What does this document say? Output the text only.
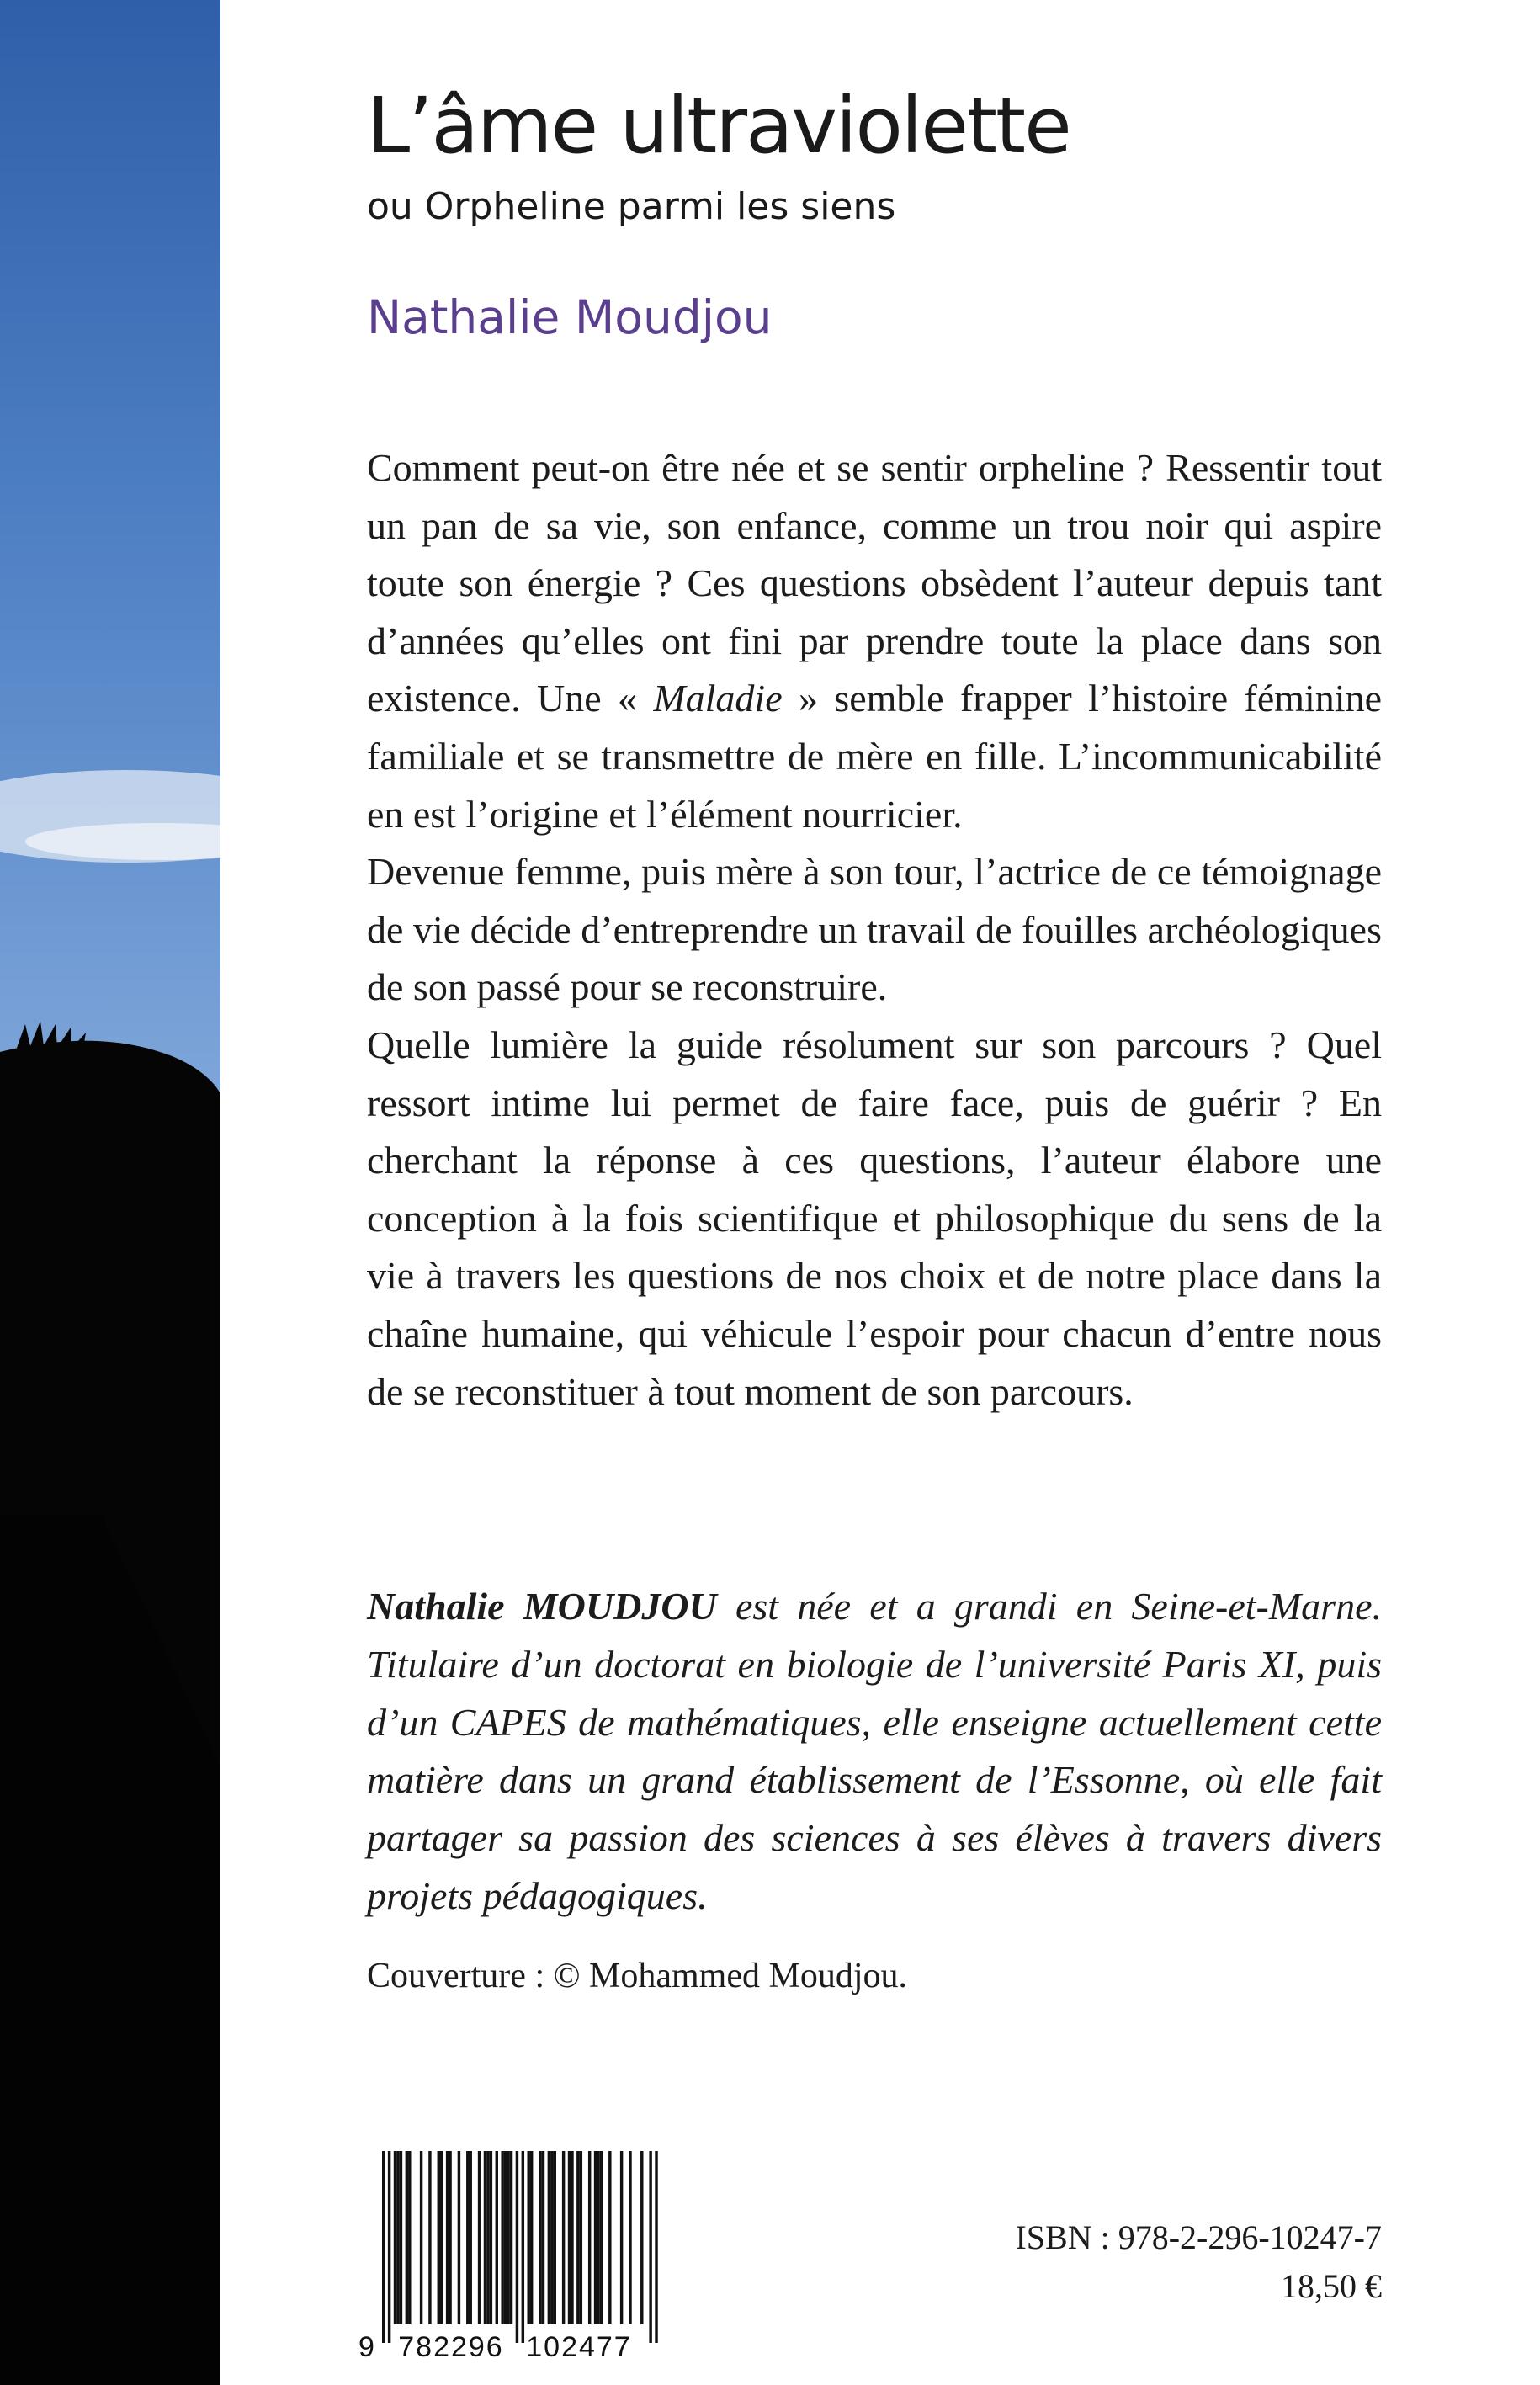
L’âme ultraviolette
ou Orpheline parmi les siens
Nathalie Moudjou

Comment peut-on être née et se sentir orpheline ? Ressentir tout un pan de sa vie, son enfance, comme un trou noir qui aspire toute son énergie ? Ces questions obsèdent l’auteur depuis tant d’années qu’elles ont fini par prendre toute la place dans son existence. Une « Maladie » semble frapper l’histoire féminine familiale et se transmettre de mère en fille. L’incommunicabilité en est l’origine et l’élément nourricier.

Devenue femme, puis mère à son tour, l’actrice de ce témoignage de vie décide d’entreprendre un travail de fouilles archéologiques de son passé pour se reconstruire.

Quelle lumière la guide résolument sur son parcours ? Quel ressort intime lui permet de faire face, puis de guérir ? En cherchant la réponse à ces questions, l’auteur élabore une conception à la fois scientifique et philosophique du sens de la vie à travers les questions de nos choix et de notre place dans la chaîne humaine, qui véhicule l’espoir pour chacun d’entre nous de se reconstituer à tout moment de son parcours.

Nathalie MOUDJOU est née et a grandi en Seine-et-Marne. Titulaire d’un doctorat en biologie de l’université Paris XI, puis d’un CAPES de mathématiques, elle enseigne actuellement cette matière dans un grand établissement de l’Essonne, où elle fait partager sa passion des sciences à ses élèves à travers divers projets pédagogiques.
Couverture : © Mohammed Moudjou.
9 782296 102477
ISBN : 978-2-296-10247-7
18,50 €
